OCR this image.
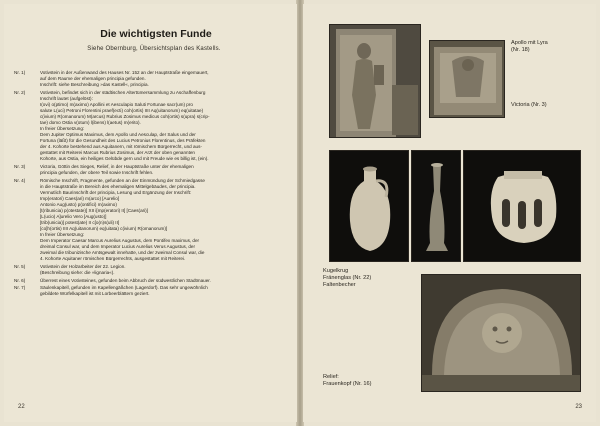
Die wichtigsten Funde
Siehe Obernburg, Übersichtsplan des Kastells.
Nr. 1)	Votivstein in der Außenwand des Hauses Nr. 152 an der Hauptstraße eingemauert,
auf dem Raume der ehemaligen principia gefunden.
Inschrift: siehe Beschreibung »das Kastell«, principia.
Nr. 2)	Votivstein, befindet sich in der städtischen Altertümersammlung zu Aschaffenburg
Inschrift lautet (aufgelöst):
I(ovi) o(ptimo) m(aximo) Apollini et Aesculapio Saluti Fortunae sacr(um) pro
salute L(uci) Petroni Florentini praef(ecti) coh(ortis) IIII Aq(uitanorum) eq(uitatae)
c(ivium) R(omanorum) M(arcus) Rubrius Zosimus medicus coh(ortis) s(upra) s(crip-
tae) domo Ostia v(otum) l(ibens) l(aetus) m(erito).
In freier Übersetzung:
Dem Jupiter Optimus Maximus, dem Apollo und Aesculap, der Salus und der
Fortuna (läßt) für die Gesundheit des Lucius Petronius Florentinus, des Präfekten
der 4. Kohorte bestehend aus Aquitanern, mit römischem Bürgerrecht, und aus-
gestattet mit Reiterei Marcus Rubrius Zosimus, der Arzt der oben genannten
Kohorte, aus Ostia, ein heiliges Gelübde gern und mit Freude wie es billig ist, (ein).
Nr. 3)	Victoria, Göttin des Sieges, Relief, in der Hauptstraße unter der ehemaligen
principia gefunden, der obere Teil sowie Inschrift fehlen.
Nr. 4)	Römische Inschrift, Fragmente, gefunden an der Einmündung der Schmiedgasse
in die Hauptstraße im Bereich des ehemaligen Mittelgebäudes, der principia.
Vermutlich Baurinschrift der principia, Lesung und Ergänzung der Inschrift:
Imp(eratori) Caes(ari) m(arco) [Aurelio]
Antonio Aug(usto) p(ontifici) m(aximo)
[t(ribunicia) p(otestate)] XII i[mp(eratori) II] [Caes(ari)]
[L(ucio) A]urelio Vero [Aug(usto)]
[trib(unicia)] potest(ate) II c[o(n)s(uli) II]
[co]h(ortis) IIII Aq(uitanorum) eq(uitata) c(ivium) R(omanorum)]
In freier Übersetzung:
Dem Imperator Caesar Marcus Aurelius Augustus, dem Pontifex maximus, der
dreimal Consul war, und dem Imperator Lucius Aurelius Verus Augustus, der
zweimal die tribunizische Amtsgewalt innehatte, und der zweimal Consul war, die
4. Kohorte Aquitaner römischen Bürgerrechts, ausgestattet mit Reiterei.
Nr. 5)	Votivstein der Holzarbeiter der 22. Legion.
(Beschreibung siehe: die »lignaria«).
Nr. 6)	Überrest eines Votivsteines, gefunden beim Abbruch der südwestlichen Stadtmauer.
Nr. 7)	Säulenkapitell, gefunden im Kapellengäßchen (Lagerdorf). Das sehr ungewöhnlich
gebildete Würfelkapitell ist mit Lorbeerblättern geziert.
22
Apollo mit Lyra
(Nr. 18)
Victoria (Nr. 3)
Kugelkrug
Fränenglas (Nr. 22)
Faltenbecher
Relief:
Frauenkopf (Nr. 16)
23
